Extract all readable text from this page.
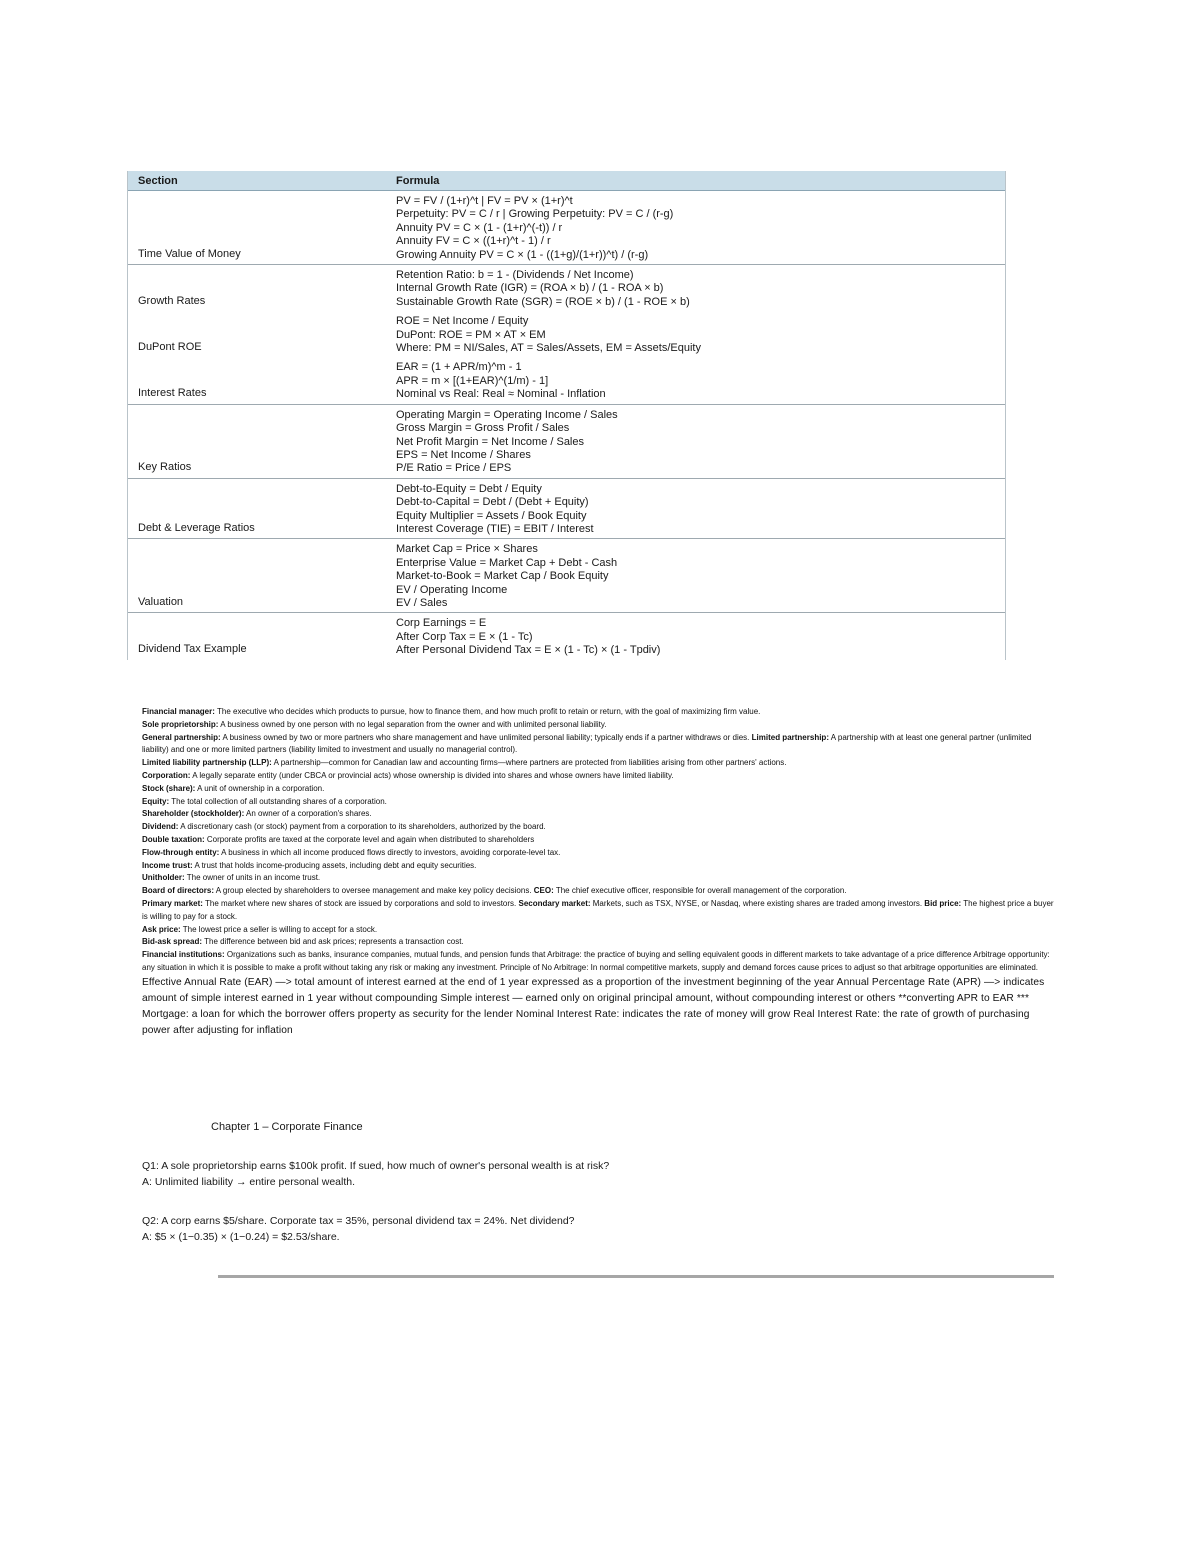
Section	Formula
Time Value of Money	PV = FV / (1+r)^t | FV = PV × (1+r)^t
Perpetuity: PV = C / r | Growing Perpetuity: PV = C / (r-g)
Annuity PV = C × (1 - (1+r)^(-t)) / r
Annuity FV = C × ((1+r)^t - 1) / r
Growing Annuity PV = C × (1 - ((1+g)/(1+r))^t) / (r-g)

Growth Rates	Retention Ratio: b = 1 - (Dividends / Net Income)
Internal Growth Rate (IGR) = (ROA × b) / (1 - ROA × b)
Sustainable Growth Rate (SGR) = (ROE × b) / (1 - ROE × b)

DuPont ROE	ROE = Net Income / Equity
DuPont: ROE = PM × AT × EM
Where: PM = NI/Sales, AT = Sales/Assets, EM = Assets/Equity

Interest Rates	EAR = (1 + APR/m)^m - 1
APR = m × [(1+EAR)^(1/m) - 1]
Nominal vs Real: Real ≈ Nominal - Inflation

Key Ratios	Operating Margin = Operating Income / Sales
Gross Margin = Gross Profit / Sales
Net Profit Margin = Net Income / Sales
EPS = Net Income / Shares
P/E Ratio = Price / EPS

Debt & Leverage Ratios	Debt-to-Equity = Debt / Equity
Debt-to-Capital = Debt / (Debt + Equity)
Equity Multiplier = Assets / Book Equity
Interest Coverage (TIE) = EBIT / Interest

Valuation	Market Cap = Price × Shares
Enterprise Value = Market Cap + Debt - Cash
Market-to-Book = Market Cap / Book Equity
EV / Operating Income
EV / Sales

Dividend Tax Example	Corp Earnings = E
After Corp Tax = E × (1 - Tc)
After Personal Dividend Tax = E × (1 - Tc) × (1 - Tpdiv)

Financial manager: The executive who decides which products to pursue, how to finance them, and how much profit to retain or return, with the goal of maximizing firm value.

Sole proprietorship: A business owned by one person with no legal separation from the owner and with unlimited personal liability.

General partnership: A business owned by two or more partners who share management and have unlimited personal liability; typically ends if a partner withdraws or dies. Limited partnership: A partnership with at least one general partner (unlimited liability) and one or more limited partners (liability limited to investment and usually no managerial control).

Limited liability partnership (LLP): A partnership—common for Canadian law and accounting firms—where partners are protected from liabilities arising from other partners' actions.

Corporation: A legally separate entity (under CBCA or provincial acts) whose ownership is divided into shares and whose owners have limited liability.

Stock (share): A unit of ownership in a corporation.

Equity: The total collection of all outstanding shares of a corporation.

Shareholder (stockholder): An owner of a corporation's shares.

Dividend: A discretionary cash (or stock) payment from a corporation to its shareholders, authorized by the board.

Double taxation: Corporate profits are taxed at the corporate level and again when distributed to shareholders

Flow-through entity: A business in which all income produced flows directly to investors, avoiding corporate-level tax.

Income trust: A trust that holds income-producing assets, including debt and equity securities.

Unitholder: The owner of units in an income trust.

Board of directors: A group elected by shareholders to oversee management and make key policy decisions. CEO: The chief executive officer, responsible for overall management of the corporation.

Primary market: The market where new shares of stock are issued by corporations and sold to investors. Secondary market: Markets, such as TSX, NYSE, or Nasdaq, where existing shares are traded among investors. Bid price: The highest price a buyer is willing to pay for a stock.

Ask price: The lowest price a seller is willing to accept for a stock.

Bid-ask spread: The difference between bid and ask prices; represents a transaction cost.

Financial institutions: Organizations such as banks, insurance companies, mutual funds, and pension funds that Arbitrage: the practice of buying and selling equivalent goods in different markets to take advantage of a price difference Arbitrage opportunity: any situation in which it is possible to make a profit without taking any risk or making any investment. Principle of No Arbitrage: In normal competitive markets, supply and demand forces cause prices to adjust so that arbitrage opportunities are eliminated.

Effective Annual Rate (EAR) —> total amount of interest earned at the end of 1 year expressed as a proportion of the investment beginning of the year Annual Percentage Rate (APR) —> indicates amount of simple interest earned in 1 year without compounding Simple interest — earned only on original principal amount, without compounding interest or others **converting APR to EAR *** Mortgage: a loan for which the borrower offers property as security for the lender Nominal Interest Rate: indicates the rate of money will grow Real Interest Rate: the rate of growth of purchasing power after adjusting for inflation

Chapter 1 – Corporate Finance

Q1: A sole proprietorship earns $100k profit. If sued, how much of owner's personal wealth is at risk?

A: Unlimited liability → entire personal wealth.

Q2: A corp earns $5/share. Corporate tax = 35%, personal dividend tax = 24%. Net dividend?

A: $5 × (1−0.35) × (1−0.24) = $2.53/share.
